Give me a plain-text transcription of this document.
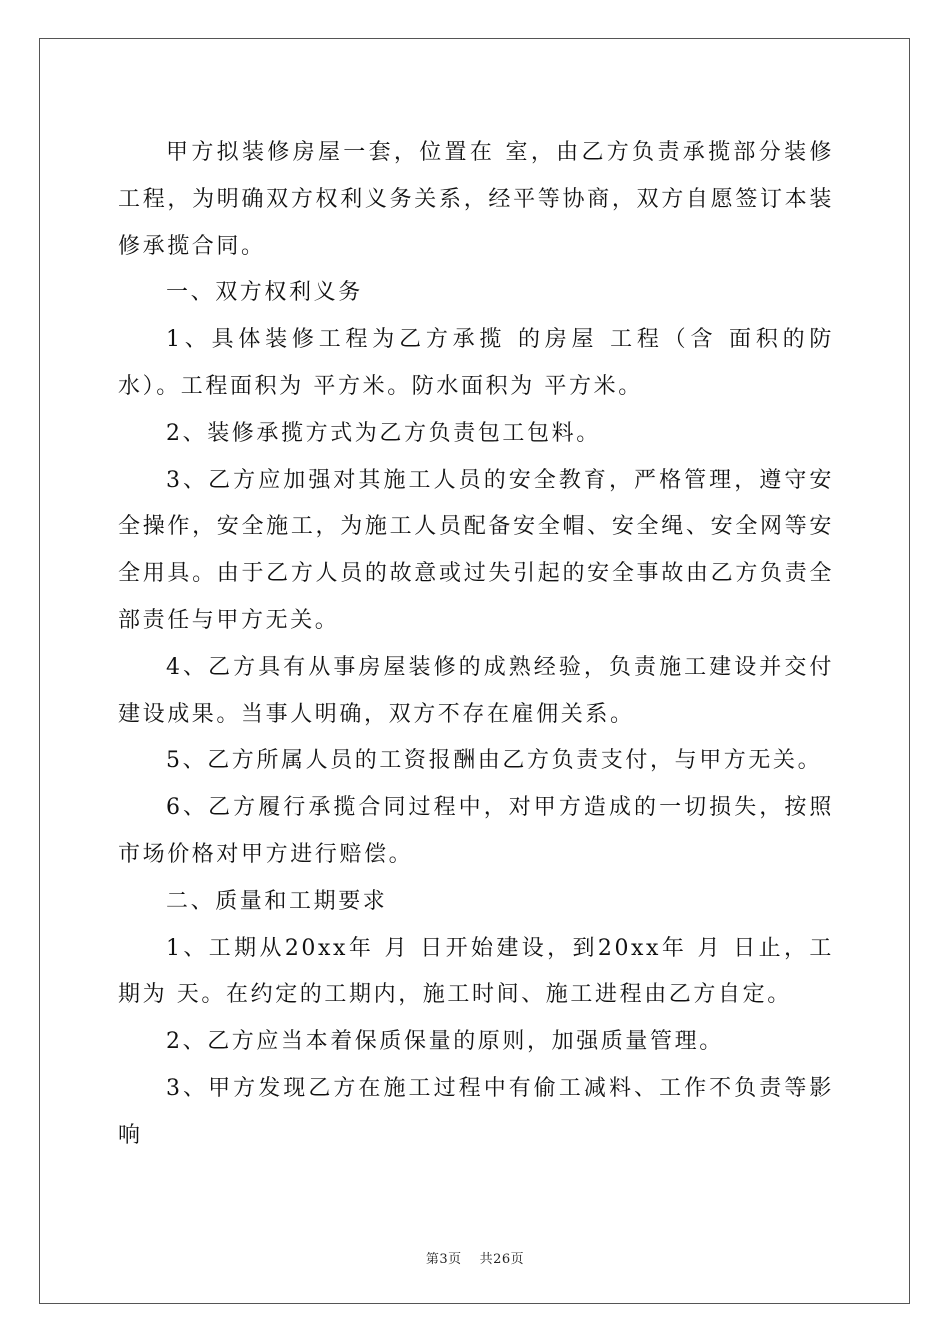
甲方拟装修房屋一套，位置在 室，由乙方负责承揽部分装修工程，为明确双方权利义务关系，经平等协商，双方自愿签订本装修承揽合同。

一、双方权利义务

1、具体装修工程为乙方承揽 的房屋 工程（含 面积的防水）。工程面积为 平方米。防水面积为 平方米。

2、装修承揽方式为乙方负责包工包料。

3、乙方应加强对其施工人员的安全教育，严格管理，遵守安全操作，安全施工，为施工人员配备安全帽、安全绳、安全网等安全用具。由于乙方人员的故意或过失引起的安全事故由乙方负责全部责任与甲方无关。

4、乙方具有从事房屋装修的成熟经验，负责施工建设并交付建设成果。当事人明确，双方不存在雇佣关系。

5、乙方所属人员的工资报酬由乙方负责支付，与甲方无关。

6、乙方履行承揽合同过程中，对甲方造成的一切损失，按照市场价格对甲方进行赔偿。

二、质量和工期要求

1、工期从20xx年 月 日开始建设，到20xx年 月 日止，工期为 天。在约定的工期内，施工时间、施工进程由乙方自定。

2、乙方应当本着保质保量的原则，加强质量管理。

3、甲方发现乙方在施工过程中有偷工减料、工作不负责等影响

第3页 共26页
